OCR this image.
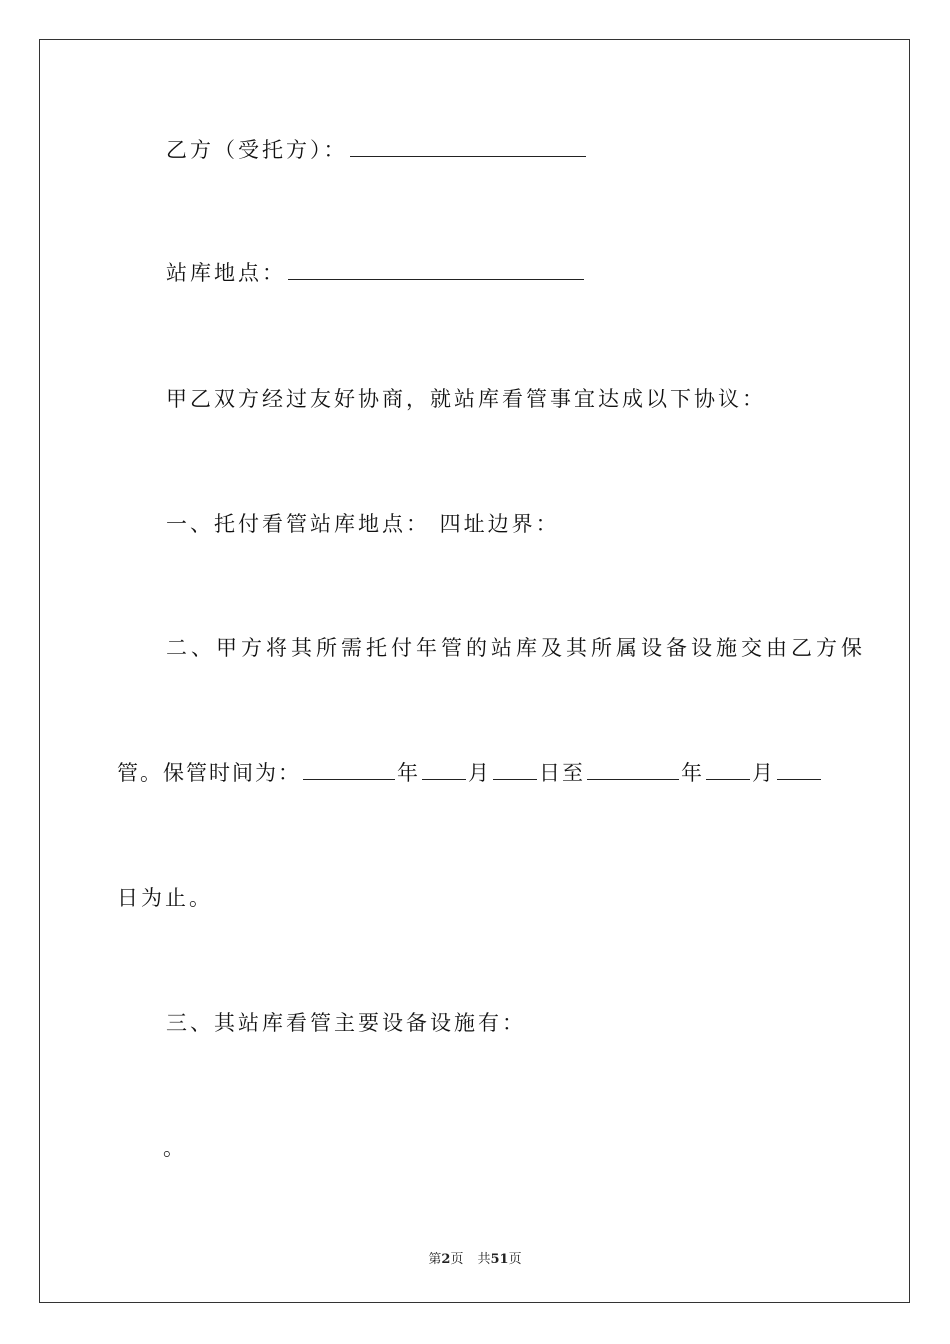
乙方（受托方）：
站库地点：
甲乙双方经过友好协商，就站库看管事宜达成以下协议：
一、托付看管站库地点： 四址边界：
二、甲方将其所需托付年管的站库及其所属设备设施交由乙方保
管。保管时间为：	年 月 日至	年 月
日为止。
三、其站库看管主要设备设施有：
。
第2页 共51页
